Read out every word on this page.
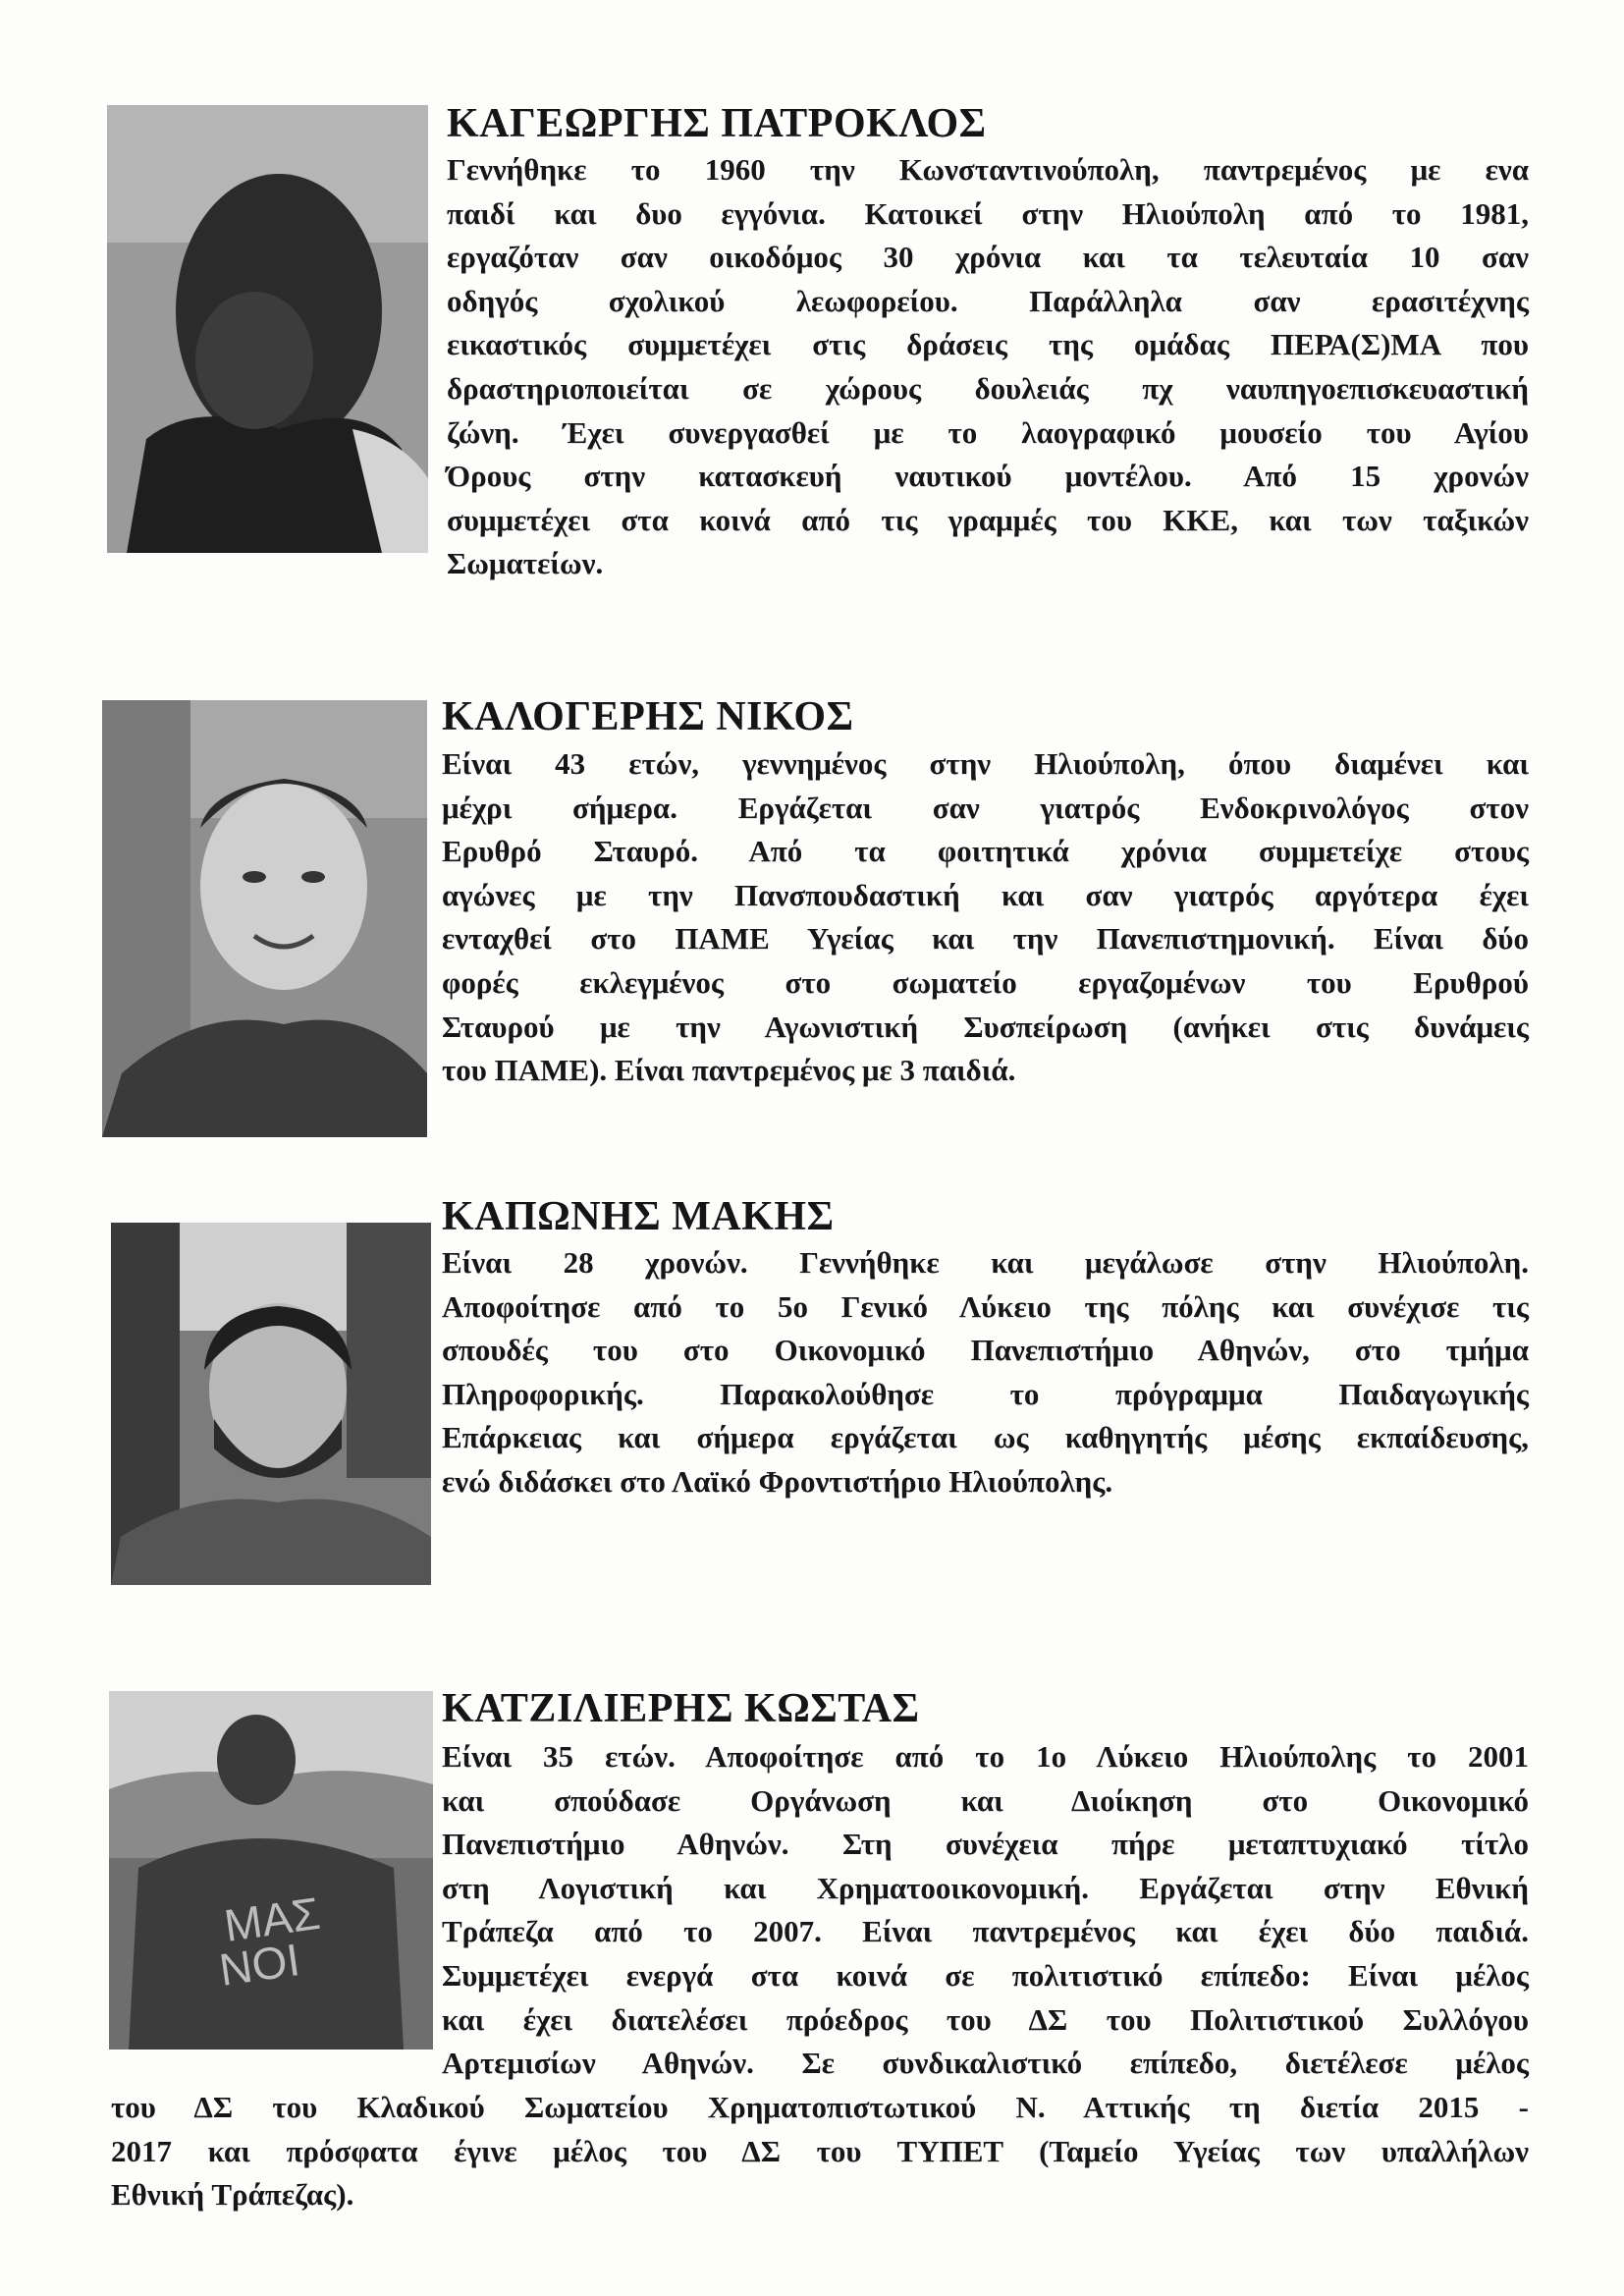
ΚΑΓΕΩΡΓΗΣ ΠΑΤΡΟΚΛΟΣ
Γεννήθηκε το 1960 την Κωνσταντινούπολη, παντρεμένος με ενα
παιδί και δυο εγγόνια. Κατοικεί στην Ηλιούπολη από το 1981,
εργαζόταν σαν οικοδόμος 30 χρόνια και τα τελευταία 10 σαν
οδηγός σχολικού λεωφορείου. Παράλληλα σαν ερασιτέχνης
εικαστικός συμμετέχει στις δράσεις της ομάδας ΠΕΡΑ(Σ)ΜΑ που
δραστηριοποιείται σε χώρους δουλειάς πχ ναυπηγοεπισκευαστική
ζώνη. Έχει συνεργασθεί με το λαογραφικό μουσείο του Αγίου
Όρους στην κατασκευή ναυτικού μοντέλου. Από 15 χρονών
συμμετέχει στα κοινά από τις γραμμές του ΚΚΕ, και των ταξικών
Σωματείων.
ΚΑΛΟΓΕΡΗΣ ΝΙΚΟΣ
Είναι 43 ετών, γεννημένος στην Ηλιούπολη, όπου διαμένει και
μέχρι σήμερα. Εργάζεται σαν γιατρός Ενδοκρινολόγος στον
Ερυθρό Σταυρό. Από τα φοιτητικά χρόνια συμμετείχε στους
αγώνες με την Πανσπουδαστική και σαν γιατρός αργότερα έχει
ενταχθεί στο ΠΑΜΕ Υγείας και την Πανεπιστημονική. Είναι δύο
φορές εκλεγμένος στο σωματείο εργαζομένων του Ερυθρού
Σταυρού με την Αγωνιστική Συσπείρωση (ανήκει στις δυνάμεις
του ΠΑΜΕ). Είναι παντρεμένος με 3 παιδιά.
ΚΑΠΩΝΗΣ ΜΑΚΗΣ
Είναι 28 χρονών. Γεννήθηκε και μεγάλωσε στην Ηλιούπολη.
Αποφοίτησε από το 5ο Γενικό Λύκειο της πόλης και συνέχισε τις
σπουδές του στο Οικονομικό Πανεπιστήμιο Αθηνών, στο τμήμα
Πληροφορικής. Παρακολούθησε το πρόγραμμα Παιδαγωγικής
Επάρκειας και σήμερα εργάζεται ως καθηγητής μέσης εκπαίδευσης,
ενώ διδάσκει στο Λαϊκό Φροντιστήριο Ηλιούπολης.
ΜΑΣ
ΝΟΙ
ΚΑΤΖΙΛΙΕΡΗΣ ΚΩΣΤΑΣ
Είναι 35 ετών. Αποφοίτησε από το 1ο Λύκειο Ηλιούπολης το 2001
και σπούδασε Οργάνωση και Διοίκηση στο Οικονομικό
Πανεπιστήμιο Αθηνών. Στη συνέχεια πήρε μεταπτυχιακό τίτλο
στη Λογιστική και Χρηματοοικονομική. Εργάζεται στην Εθνική
Τράπεζα από το 2007. Είναι παντρεμένος και έχει δύο παιδιά.
Συμμετέχει ενεργά στα κοινά σε πολιτιστικό επίπεδο: Είναι μέλος
και έχει διατελέσει πρόεδρος του ΔΣ του Πολιτιστικού Συλλόγου
Αρτεμισίων Αθηνών. Σε συνδικαλιστικό επίπεδο, διετέλεσε μέλος
του ΔΣ του Κλαδικού Σωματείου Χρηματοπιστωτικού Ν. Αττικής τη διετία 2015 -
2017 και πρόσφατα έγινε μέλος του ΔΣ του ΤΥΠΕΤ (Ταμείο Υγείας των υπαλλήλων
Εθνική Τράπεζας).
